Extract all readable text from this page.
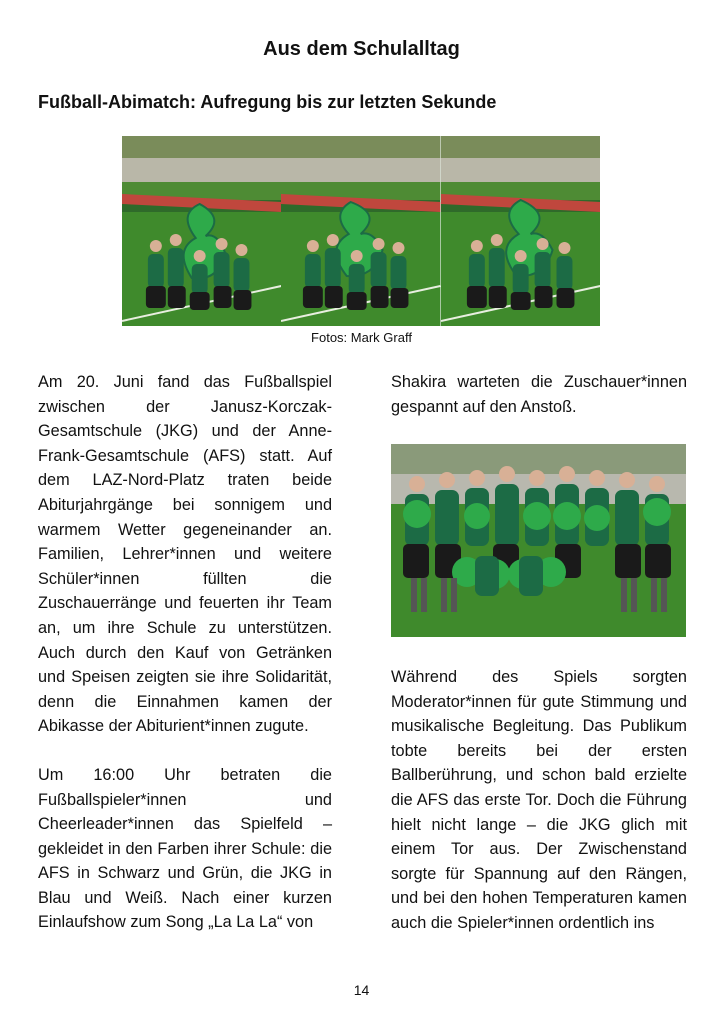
Aus dem Schulalltag
Fußball-Abimatch: Aufregung bis zur letzten Sekunde
Fotos: Mark Graff

Am 20. Juni fand das Fußballspiel zwischen der Janusz-Korczak-Gesamtschule (JKG) und der Anne-Frank-Gesamtschule (AFS) statt. Auf dem LAZ-Nord-Platz traten beide Abiturjahrgänge bei sonnigem und warmem Wetter gegeneinander an. Familien, Lehrer*innen und weitere Schüler*innen füllten die Zuschauerränge und feuerten ihr Team an, um ihre Schule zu unterstützen. Auch durch den Kauf von Getränken und Speisen zeigten sie ihre Solidarität, denn die Einnahmen kamen der Abikasse der Abiturient*innen zugute.

Um 16:00 Uhr betraten die Fußballspieler*innen und Cheerleader*innen das Spielfeld – gekleidet in den Farben ihrer Schule: die AFS in Schwarz und Grün, die JKG in Blau und Weiß. Nach einer kurzen Einlaufshow zum Song „La La La“ von

Shakira warteten die Zuschauer*innen gespannt auf den Anstoß.

Während des Spiels sorgten Moderator*innen für gute Stimmung und musikalische Begleitung. Das Publikum tobte bereits bei der ersten Ballberührung, und schon bald erzielte die AFS das erste Tor. Doch die Führung hielt nicht lange – die JKG glich mit einem Tor aus. Der Zwischenstand sorgte für Spannung auf den Rängen, und bei den hohen Temperaturen kamen auch die Spieler*innen ordentlich ins

14
